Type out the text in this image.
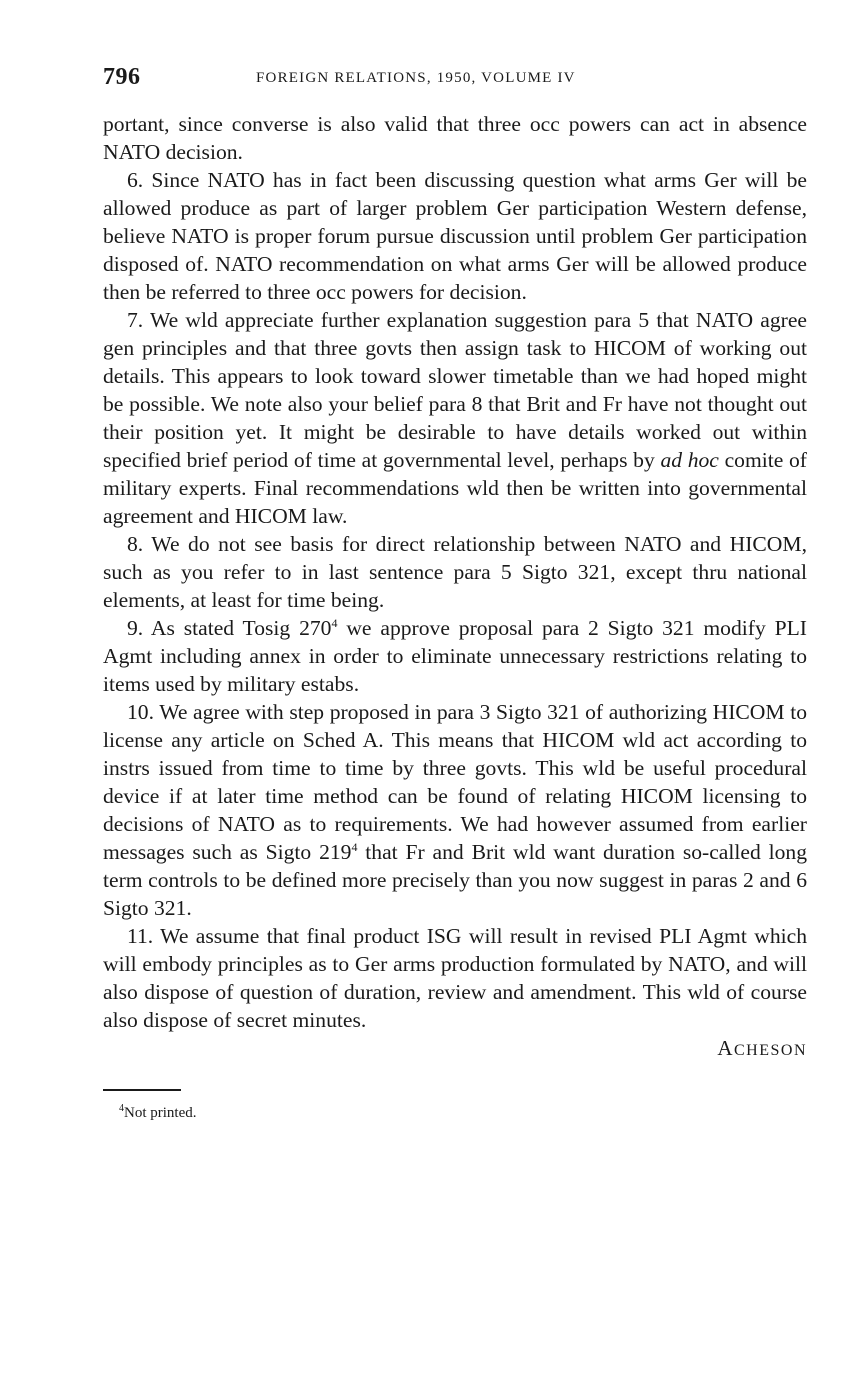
796	FOREIGN RELATIONS, 1950, VOLUME IV

portant, since converse is also valid that three occ powers can act in absence NATO decision.

6. Since NATO has in fact been discussing question what arms Ger will be allowed produce as part of larger problem Ger participation Western defense, believe NATO is proper forum pursue discussion until problem Ger participation disposed of. NATO recommendation on what arms Ger will be allowed produce then be referred to three occ powers for decision.

7. We wld appreciate further explanation suggestion para 5 that NATO agree gen principles and that three govts then assign task to HICOM of working out details. This appears to look toward slower timetable than we had hoped might be possible. We note also your belief para 8 that Brit and Fr have not thought out their position yet. It might be desirable to have details worked out within specified brief period of time at governmental level, perhaps by ad hoc comite of military experts. Final recommendations wld then be written into governmental agreement and HICOM law.

8. We do not see basis for direct relationship between NATO and HICOM, such as you refer to in last sentence para 5 Sigto 321, except thru national elements, at least for time being.

9. As stated Tosig 270$^4$ we approve proposal para 2 Sigto 321 modify PLI Agmt including annex in order to eliminate unnecessary restrictions relating to items used by military estabs.

10. We agree with step proposed in para 3 Sigto 321 of authorizing HICOM to license any article on Sched A. This means that HICOM wld act according to instrs issued from time to time by three govts. This wld be useful procedural device if at later time method can be found of relating HICOM licensing to decisions of NATO as to requirements. We had however assumed from earlier messages such as Sigto 219$^4$ that Fr and Brit wld want duration so-called long term controls to be defined more precisely than you now suggest in paras 2 and 6 Sigto 321.

11. We assume that final product ISG will result in revised PLI Agmt which will embody principles as to Ger arms production formulated by NATO, and will also dispose of question of duration, review and amendment. This wld of course also dispose of secret minutes.

ACHESON
$^4$Not printed.
